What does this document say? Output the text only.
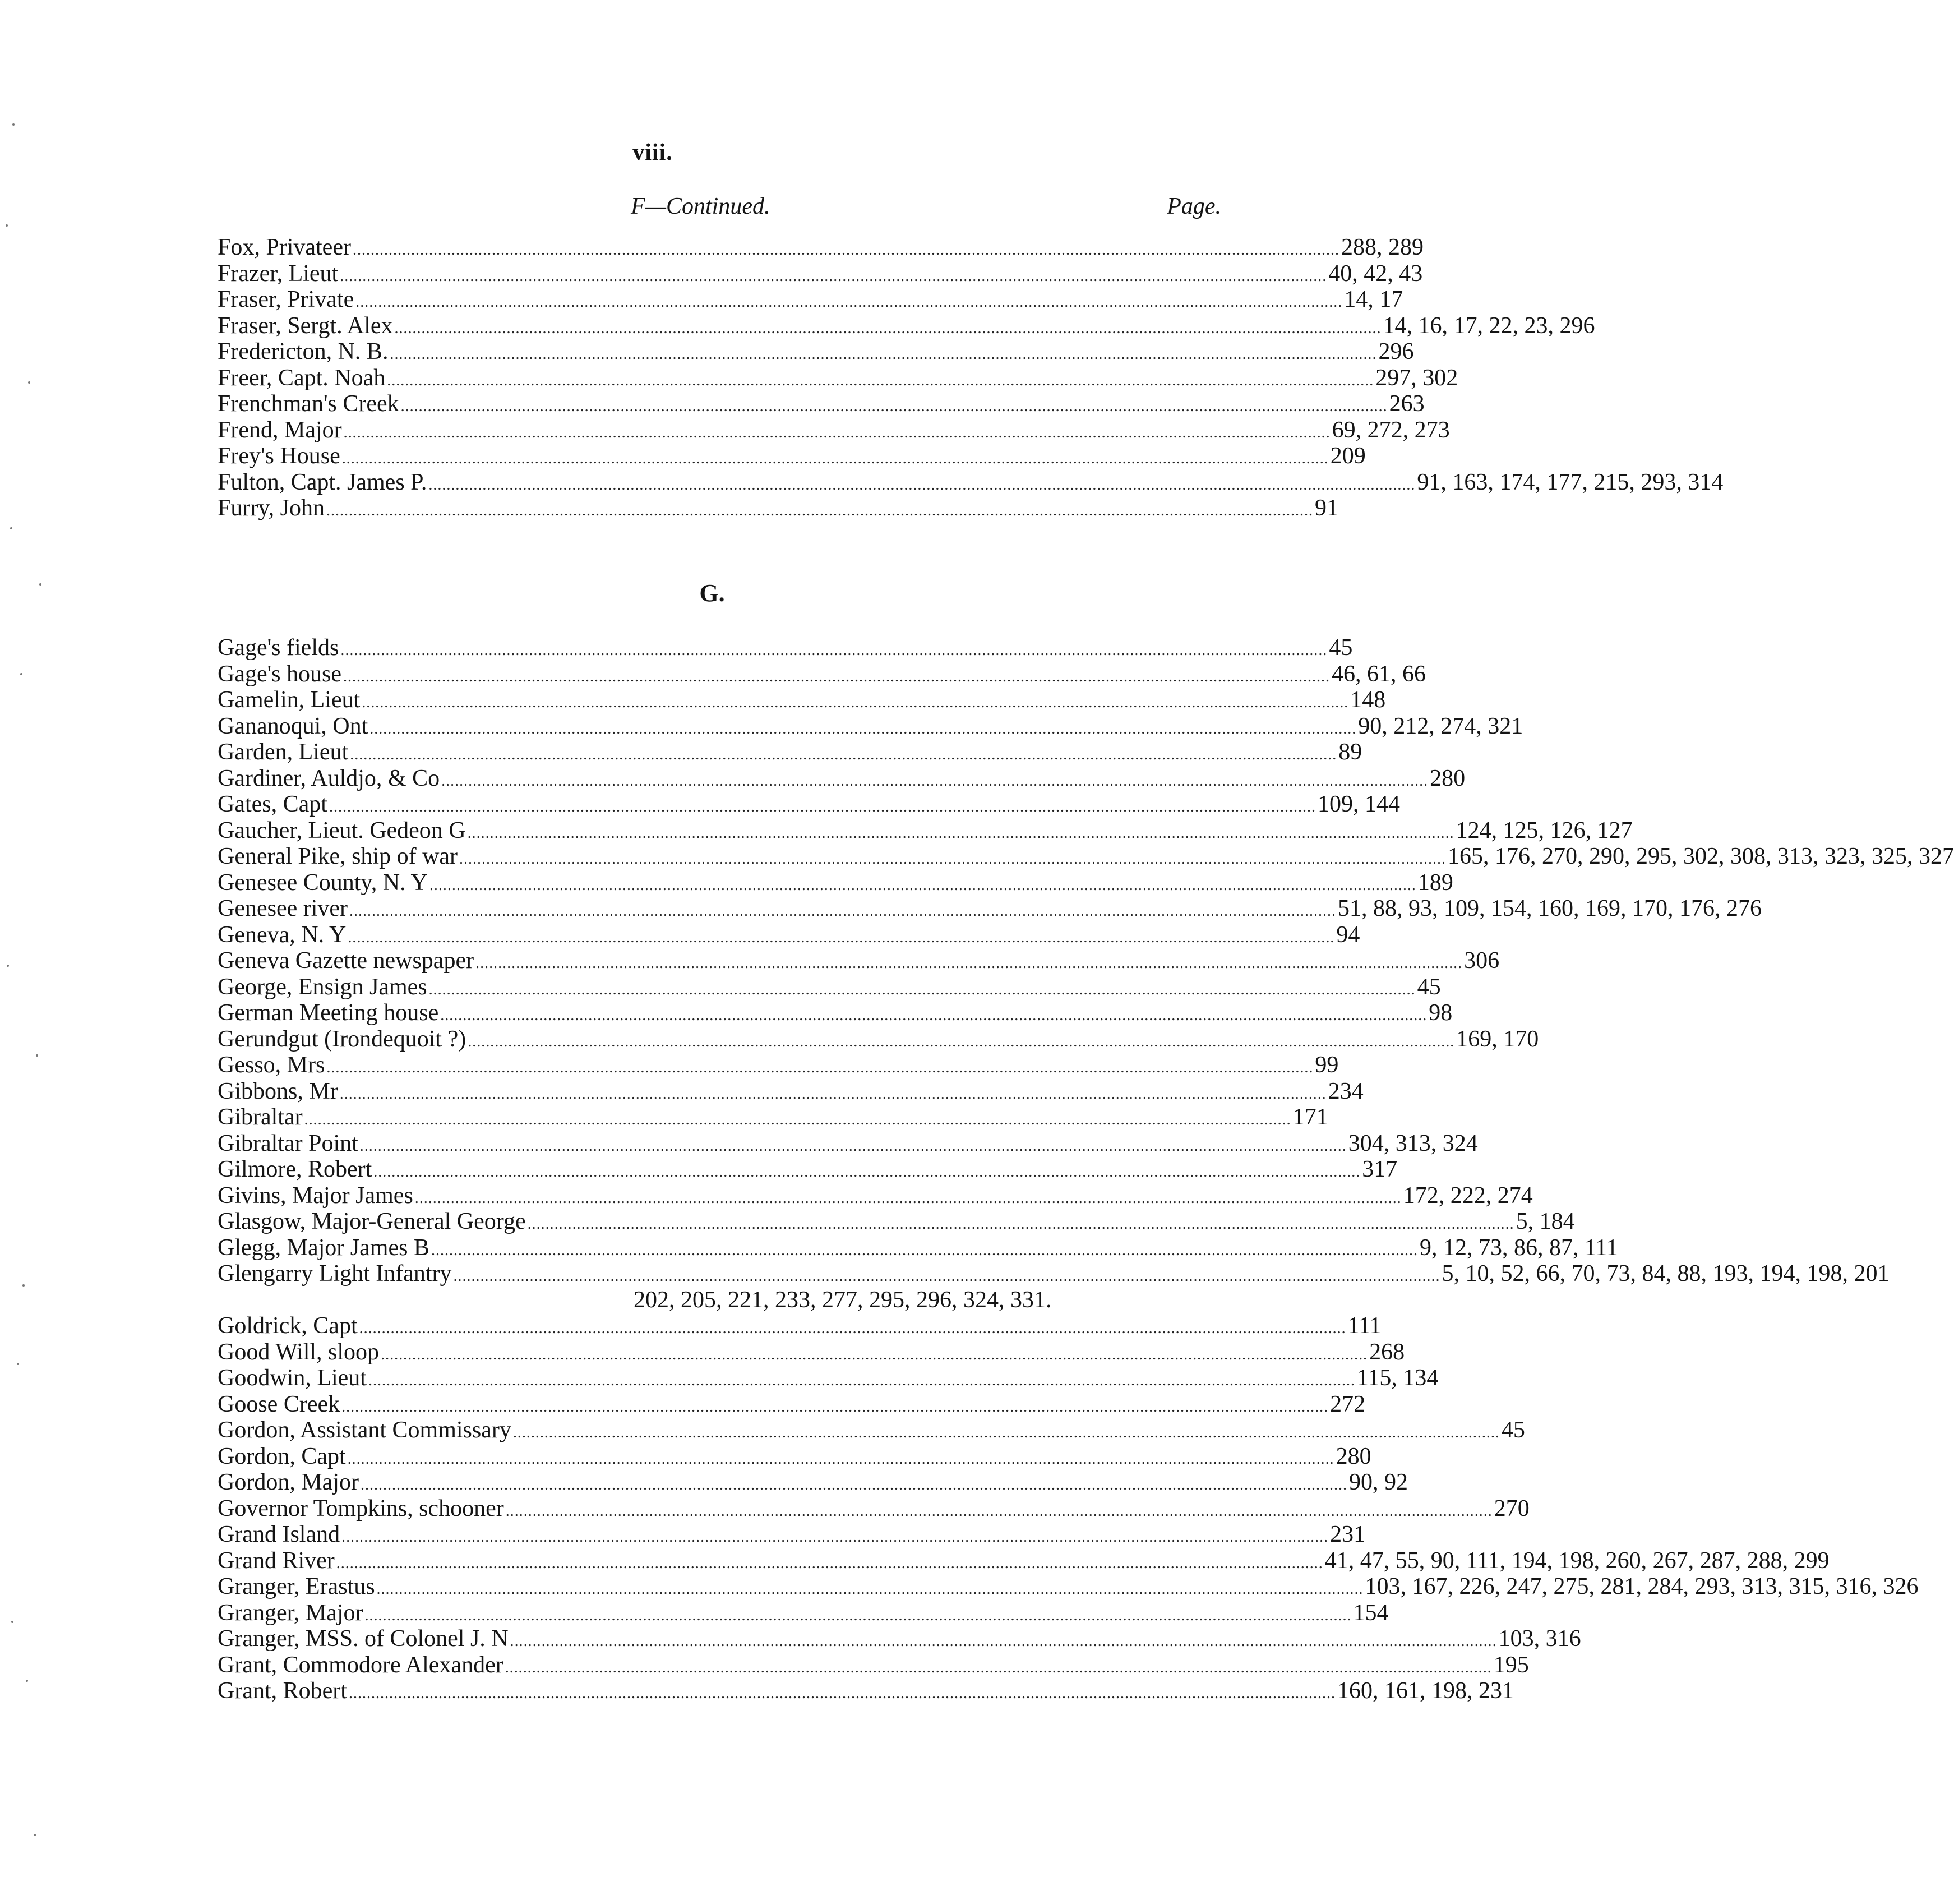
viii.
F—Continued.	Page.
Fox, Privateer ............................................................................................................................................................................................................................ 288, 289
Frazer, Lieut ............................................................................................................................................................................................................................ 40, 42, 43
Fraser, Private ............................................................................................................................................................................................................................ 14, 17
Fraser, Sergt. Alex ............................................................................................................................................................................................................................ 14, 16, 17, 22, 23, 296
Fredericton, N. B. ............................................................................................................................................................................................................................ 296
Freer, Capt. Noah ............................................................................................................................................................................................................................ 297, 302
Frenchman's Creek ............................................................................................................................................................................................................................ 263
Frend, Major ............................................................................................................................................................................................................................ 69, 272, 273
Frey's House ............................................................................................................................................................................................................................ 209
Fulton, Capt. James P. ............................................................................................................................................................................................................................ 91, 163, 174, 177, 215, 293, 314
Furry, John ............................................................................................................................................................................................................................ 91
G.
Gage's fields ............................................................................................................................................................................................................................ 45
Gage's house ............................................................................................................................................................................................................................ 46, 61, 66
Gamelin, Lieut ............................................................................................................................................................................................................................ 148
Gananoqui, Ont ............................................................................................................................................................................................................................ 90, 212, 274, 321
Garden, Lieut ............................................................................................................................................................................................................................ 89
Gardiner, Auldjo, & Co ............................................................................................................................................................................................................................ 280
Gates, Capt ............................................................................................................................................................................................................................ 109, 144
Gaucher, Lieut. Gedeon G ............................................................................................................................................................................................................................ 124, 125, 126, 127
General Pike, ship of war ............................................................................................................................................................................................................................ 165, 176, 270, 290, 295, 302, 308, 313, 323, 325, 327
Genesee County, N. Y ............................................................................................................................................................................................................................ 189
Genesee river ............................................................................................................................................................................................................................ 51, 88, 93, 109, 154, 160, 169, 170, 176, 276
Geneva, N. Y ............................................................................................................................................................................................................................ 94
Geneva Gazette newspaper ............................................................................................................................................................................................................................ 306
George, Ensign James ............................................................................................................................................................................................................................ 45
German Meeting house ............................................................................................................................................................................................................................ 98
Gerundgut (Irondequoit ?) ............................................................................................................................................................................................................................ 169, 170
Gesso, Mrs ............................................................................................................................................................................................................................ 99
Gibbons, Mr ............................................................................................................................................................................................................................ 234
Gibraltar ............................................................................................................................................................................................................................ 171
Gibraltar Point ............................................................................................................................................................................................................................ 304, 313, 324
Gilmore, Robert ............................................................................................................................................................................................................................ 317
Givins, Major James ............................................................................................................................................................................................................................ 172, 222, 274
Glasgow, Major-General George ............................................................................................................................................................................................................................ 5, 184
Glegg, Major James B ............................................................................................................................................................................................................................ 9, 12, 73, 86, 87, 111
Glengarry Light Infantry ............................................................................................................................................................................................................................ 5, 10, 52, 66, 70, 73, 84, 88, 193, 194, 198, 201
202, 205, 221, 233, 277, 295, 296, 324, 331.
Goldrick, Capt ............................................................................................................................................................................................................................ 111
Good Will, sloop ............................................................................................................................................................................................................................ 268
Goodwin, Lieut ............................................................................................................................................................................................................................ 115, 134
Goose Creek ............................................................................................................................................................................................................................ 272
Gordon, Assistant Commissary ............................................................................................................................................................................................................................ 45
Gordon, Capt ............................................................................................................................................................................................................................ 280
Gordon, Major ............................................................................................................................................................................................................................ 90, 92
Governor Tompkins, schooner ............................................................................................................................................................................................................................ 270
Grand Island ............................................................................................................................................................................................................................ 231
Grand River ............................................................................................................................................................................................................................ 41, 47, 55, 90, 111, 194, 198, 260, 267, 287, 288, 299
Granger, Erastus ............................................................................................................................................................................................................................ 103, 167, 226, 247, 275, 281, 284, 293, 313, 315, 316, 326
Granger, Major ............................................................................................................................................................................................................................ 154
Granger, MSS. of Colonel J. N ............................................................................................................................................................................................................................ 103, 316
Grant, Commodore Alexander ............................................................................................................................................................................................................................ 195
Grant, Robert ............................................................................................................................................................................................................................ 160, 161, 198, 231
